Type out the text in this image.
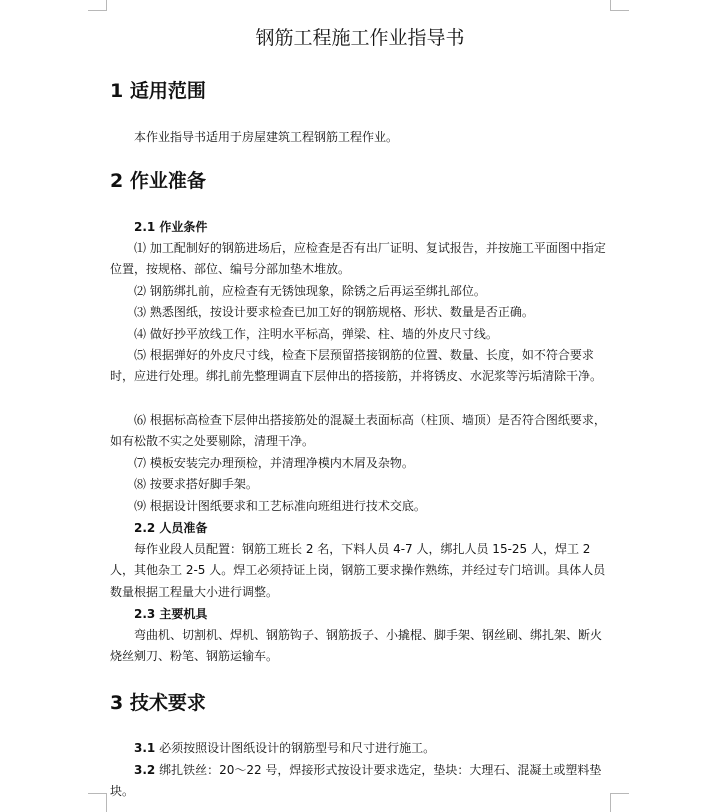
钢筋工程施工作业指导书
1 适用范围
本作业指导书适用于房屋建筑工程钢筋工程作业。
2 作业准备
2.1 作业条件
⑴ 加工配制好的钢筋进场后，应检查是否有出厂证明、复试报告，并按施工平面图中指定位置，按规格、部位、编号分部加垫木堆放。
⑵ 钢筋绑扎前，应检查有无锈蚀现象，除锈之后再运至绑扎部位。
⑶ 熟悉图纸，按设计要求检查已加工好的钢筋规格、形状、数量是否正确。
⑷ 做好抄平放线工作，注明水平标高，弹梁、柱、墙的外皮尺寸线。
⑸ 根据弹好的外皮尺寸线，检查下层预留搭接钢筋的位置、数量、长度，如不符合要求时，应进行处理。绑扎前先整理调直下层伸出的搭接筋，并将锈皮、水泥浆等污垢清除干净。
⑹ 根据标高检查下层伸出搭接筋处的混凝土表面标高（柱顶、墙顶）是否符合图纸要求，如有松散不实之处要剔除，清理干净。
⑺ 模板安装完办理预检，并清理净模内木屑及杂物。
⑻ 按要求搭好脚手架。
⑼ 根据设计图纸要求和工艺标准向班组进行技术交底。
2.2 人员准备
每作业段人员配置：钢筋工班长 2 名，下料人员 4-7 人，绑扎人员 15-25 人，焊工 2 人，其他杂工 2-5 人。焊工必须持证上岗，钢筋工要求操作熟练，并经过专门培训。具体人员数量根据工程量大小进行调整。
2.3 主要机具
弯曲机、切割机、焊机、钢筋钩子、钢筋扳子、小撬棍、脚手架、钢丝刷、绑扎架、断火烧丝剜刀、粉笔、钢筋运输车。
3 技术要求
3.1 必须按照设计图纸设计的钢筋型号和尺寸进行施工。
3.2 绑扎铁丝：20～22 号，焊接形式按设计要求选定，垫块：大理石、混凝土或塑料垫块。
